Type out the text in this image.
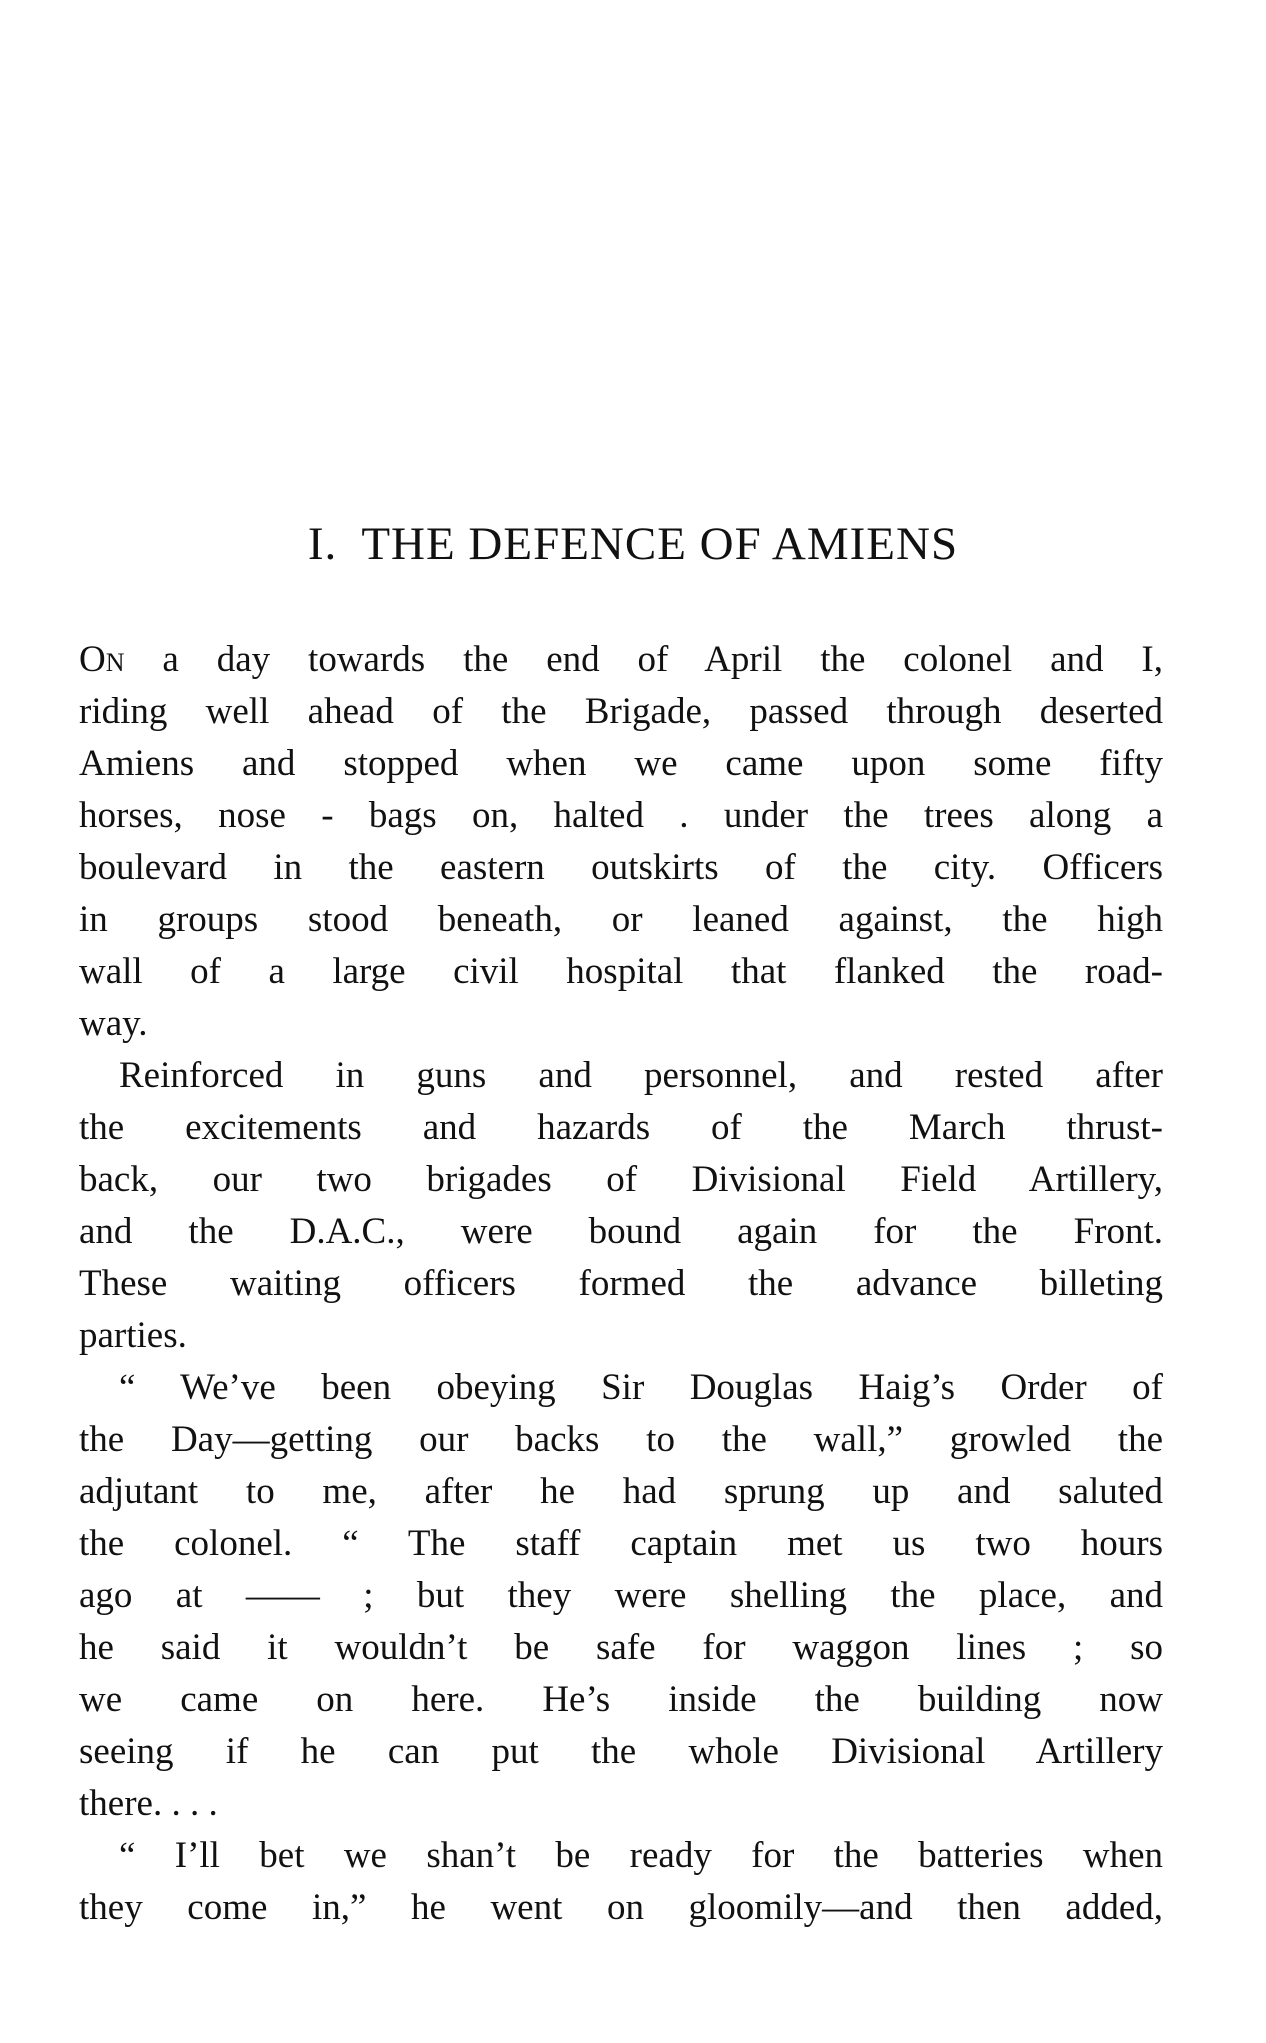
I. THE DEFENCE OF AMIENS
On a day towards the end of April the colonel and I,
riding well ahead of the Brigade, passed through deserted
Amiens and stopped when we came upon some fifty
horses, nose - bags on, halted . under the trees along a
boulevard in the eastern outskirts of the city. Officers
in groups stood beneath, or leaned against, the high
wall of a large civil hospital that flanked the road-
way.
Reinforced in guns and personnel, and rested after
the excitements and hazards of the March thrust-
back, our two brigades of Divisional Field Artillery,
and the D.A.C., were bound again for the Front.
These waiting officers formed the advance billeting
parties.
“ We’ve been obeying Sir Douglas Haig’s Order of
the Day—getting our backs to the wall,” growled the
adjutant to me, after he had sprung up and saluted
the colonel. “ The staff captain met us two hours
ago at —— ; but they were shelling the place, and
he said it wouldn’t be safe for waggon lines ; so
we came on here. He’s inside the building now
seeing if he can put the whole Divisional Artillery
there. . . .
“ I’ll bet we shan’t be ready for the batteries when
they come in,” he went on gloomily—and then added,
